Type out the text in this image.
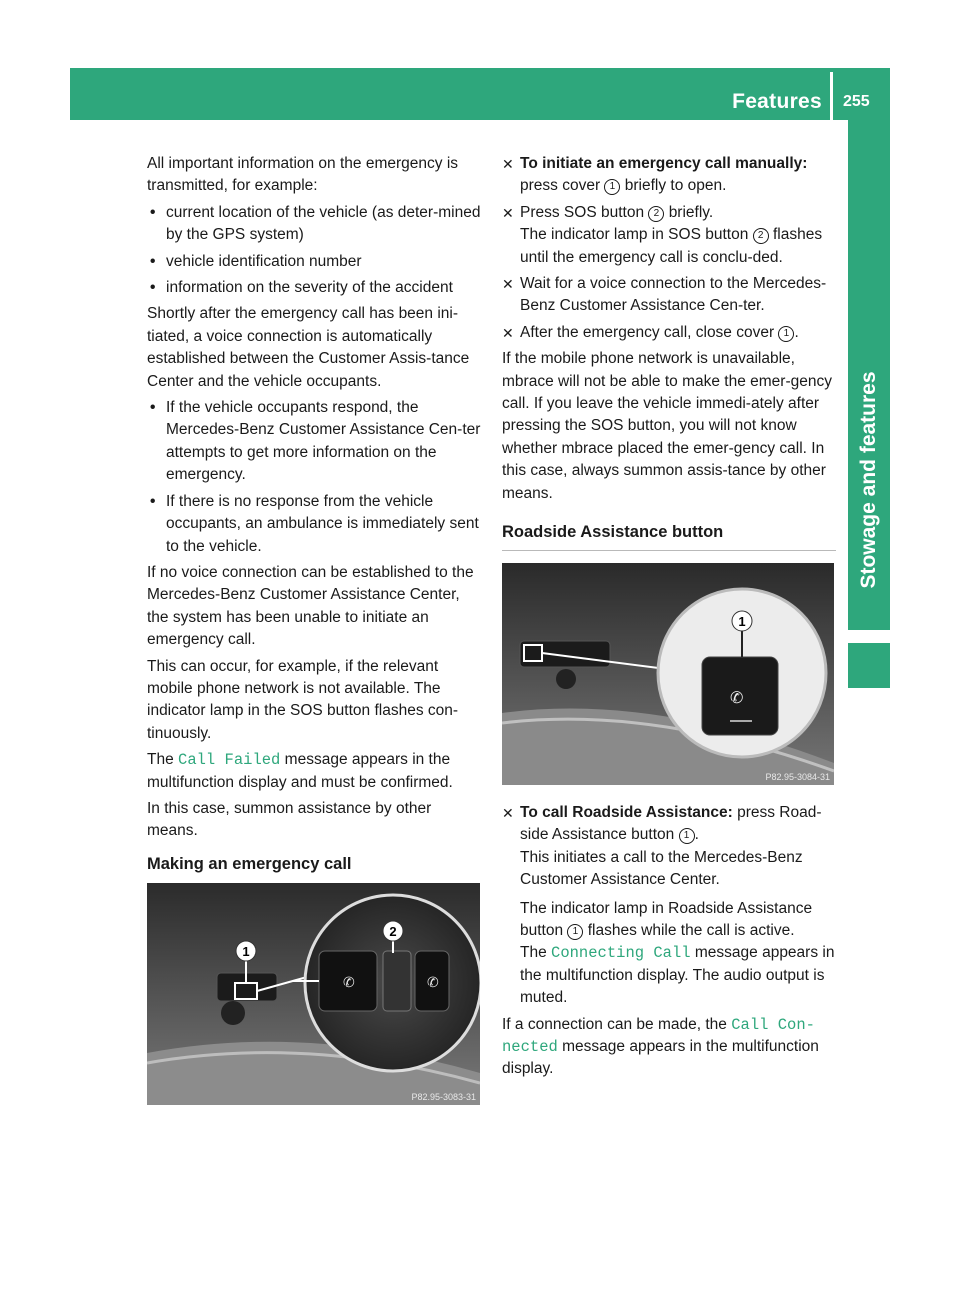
Features 255
Stowage and features

All important information on the emergency is transmitted, for example:

• current location of the vehicle (as deter-mined by the GPS system)
• vehicle identification number
• information on the severity of the accident

Shortly after the emergency call has been ini-tiated, a voice connection is automatically established between the Customer Assis-tance Center and the vehicle occupants.

• If the vehicle occupants respond, the Mercedes-Benz Customer Assistance Cen-ter attempts to get more information on the emergency.
• If there is no response from the vehicle occupants, an ambulance is immediately sent to the vehicle.

If no voice connection can be established to the Mercedes-Benz Customer Assistance Center, the system has been unable to initiate an emergency call.

This can occur, for example, if the relevant mobile phone network is not available. The indicator lamp in the SOS button flashes con-tinuously.

The Call Failed message appears in the multifunction display and must be confirmed.

In this case, summon assistance by other means.

Making an emergency call
1
✆	✆
2
P82.95-3083-31
✕ To initiate an emergency call manually:
press cover 1 briefly to open.
✕ Press SOS button 2 briefly.
The indicator lamp in SOS button 2 flashes until the emergency call is conclu-ded.
✕ Wait for a voice connection to the Mercedes-Benz Customer Assistance Cen-ter.
✕ After the emergency call, close cover 1 .

If the mobile phone network is unavailable, mbrace will not be able to make the emer-gency call. If you leave the vehicle immedi-ately after pressing the SOS button, you will not know whether mbrace placed the emer-gency call. In this case, always summon assis-tance by other means.

Roadside Assistance button
✆
1
P82.95-3084-31
✕ To call Roadside Assistance: press Road-side Assistance button 1 .
This initiates a call to the Mercedes-Benz Customer Assistance Center.
The indicator lamp in Roadside Assistance button 1 flashes while the call is active.
The Connecting Call message appears in the multifunction display. The audio output is muted.

If a connection can be made, the Call Con-nected message appears in the multifunction display.
